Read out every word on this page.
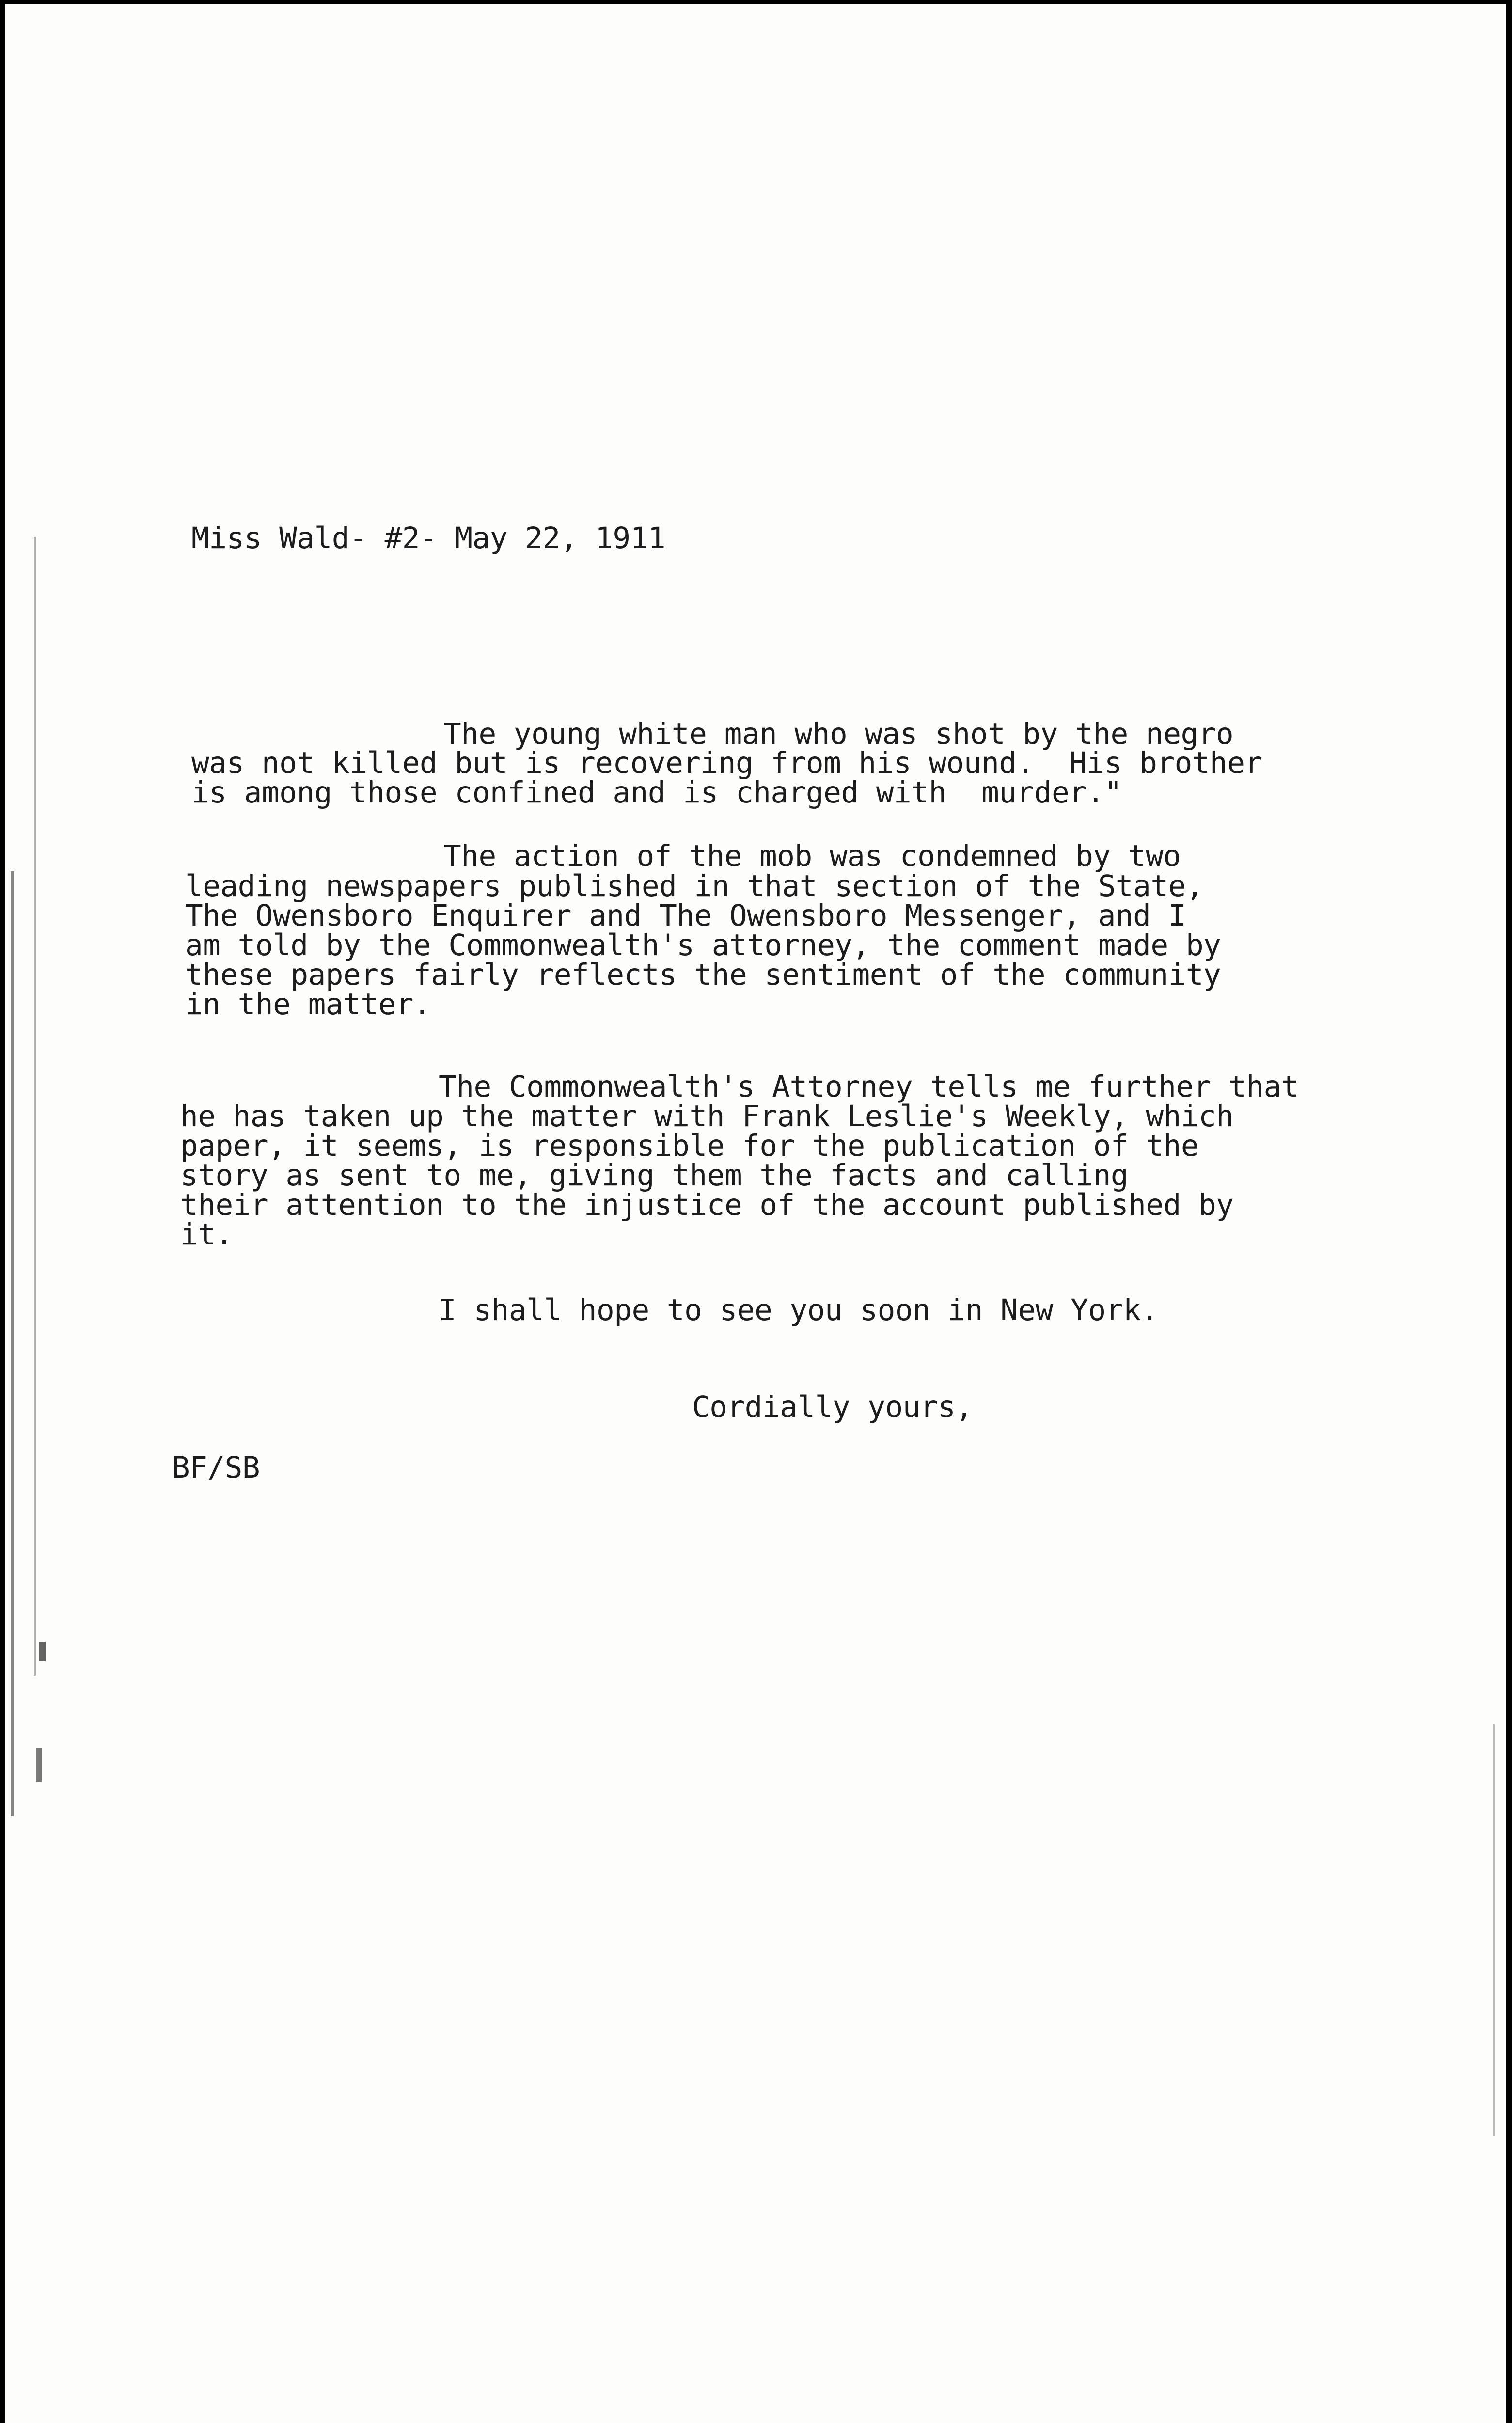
Miss Wald- #2- May 22, 1911
The young white man who was shot by the negro
was not killed but is recovering from his wound.  His brother
is among those confined and is charged with  murder."
The action of the mob was condemned by two
leading newspapers published in that section of the State,
The Owensboro Enquirer and The Owensboro Messenger, and I
am told by the Commonwealth's attorney, the comment made by
these papers fairly reflects the sentiment of the community
in the matter.
The Commonwealth's Attorney tells me further that
he has taken up the matter with Frank Leslie's Weekly, which
paper, it seems, is responsible for the publication of the
story as sent to me, giving them the facts and calling
their attention to the injustice of the account published by
it.
I shall hope to see you soon in New York.
Cordially yours,
BF/SB
